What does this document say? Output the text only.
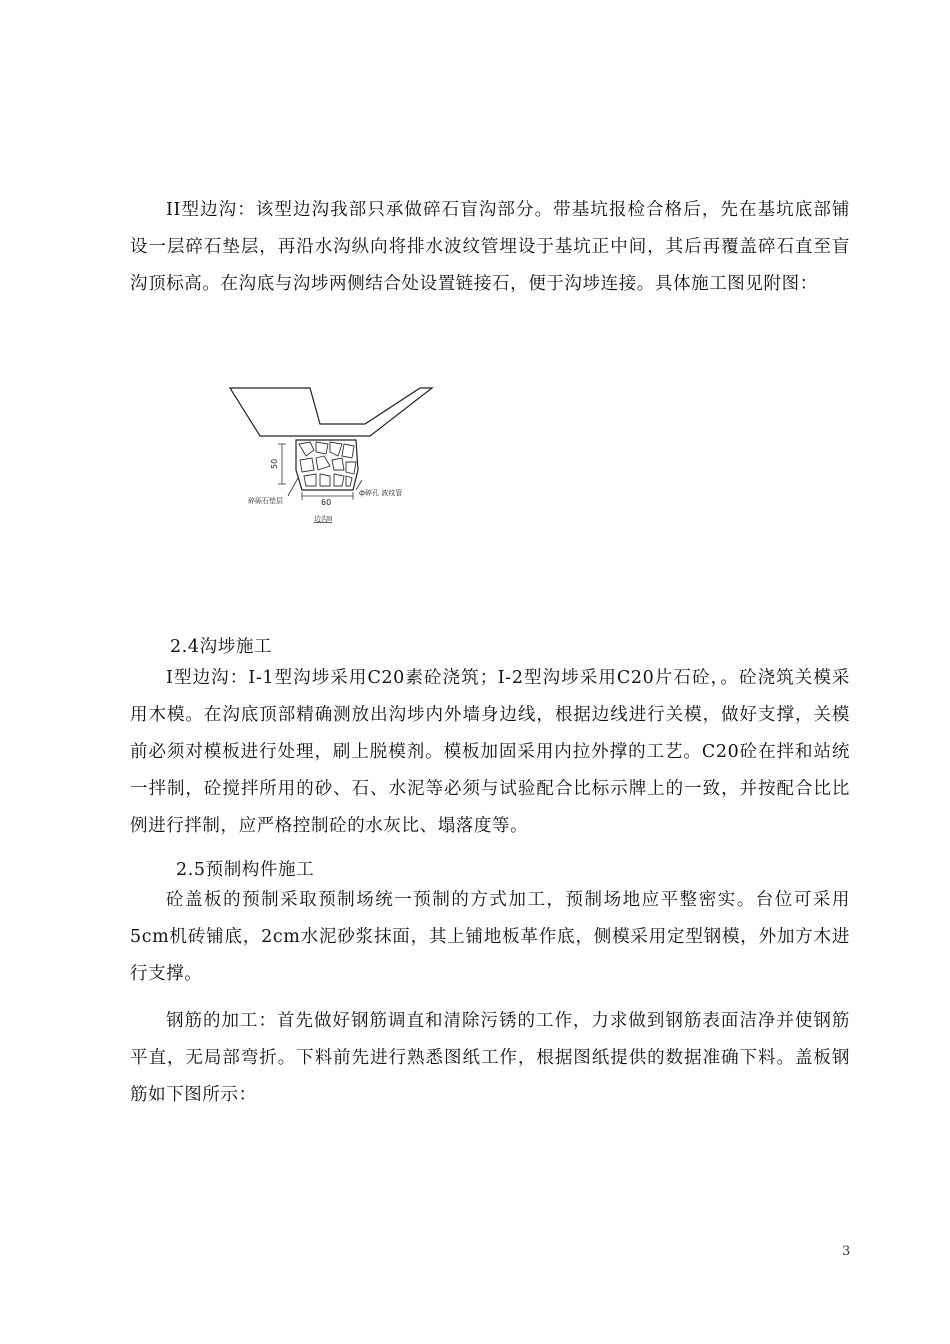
II型边沟：该型边沟我部只承做碎石盲沟部分。带基坑报检合格后，先在基坑底部铺设一层碎石垫层，再沿水沟纵向将排水波纹管埋设于基坑正中间，其后再覆盖碎石直至盲沟顶标高。在沟底与沟埗两侧结合处设置链接石，便于沟埗连接。具体施工图见附图：

50
60
碎砾石垫层
ф碎孔 波纹管
边沟II

2.4沟埗施工

I型边沟：I-1型沟埗采用C20素砼浇筑；I-2型沟埗采用C20片石砼，。砼浇筑关模采用木模。在沟底顶部精确测放出沟埗内外墙身边线，根据边线进行关模，做好支撑，关模前必须对模板进行处理，刷上脱模剂。模板加固采用内拉外撑的工艺。C20砼在拌和站统一拌制，砼搅拌所用的砂、石、水泥等必须与试验配合比标示牌上的一致，并按配合比比例进行拌制，应严格控制砼的水灰比、塌落度等。

2.5预制构件施工

砼盖板的预制采取预制场统一预制的方式加工，预制场地应平整密实。台位可采用5cm机砖铺底，2cm水泥砂浆抹面，其上铺地板革作底，侧模采用定型钢模，外加方木进行支撑。

钢筋的加工：首先做好钢筋调直和清除污锈的工作，力求做到钢筋表面洁净并使钢筋平直，无局部弯折。下料前先进行熟悉图纸工作，根据图纸提供的数据准确下料。盖板钢筋如下图所示：

3
